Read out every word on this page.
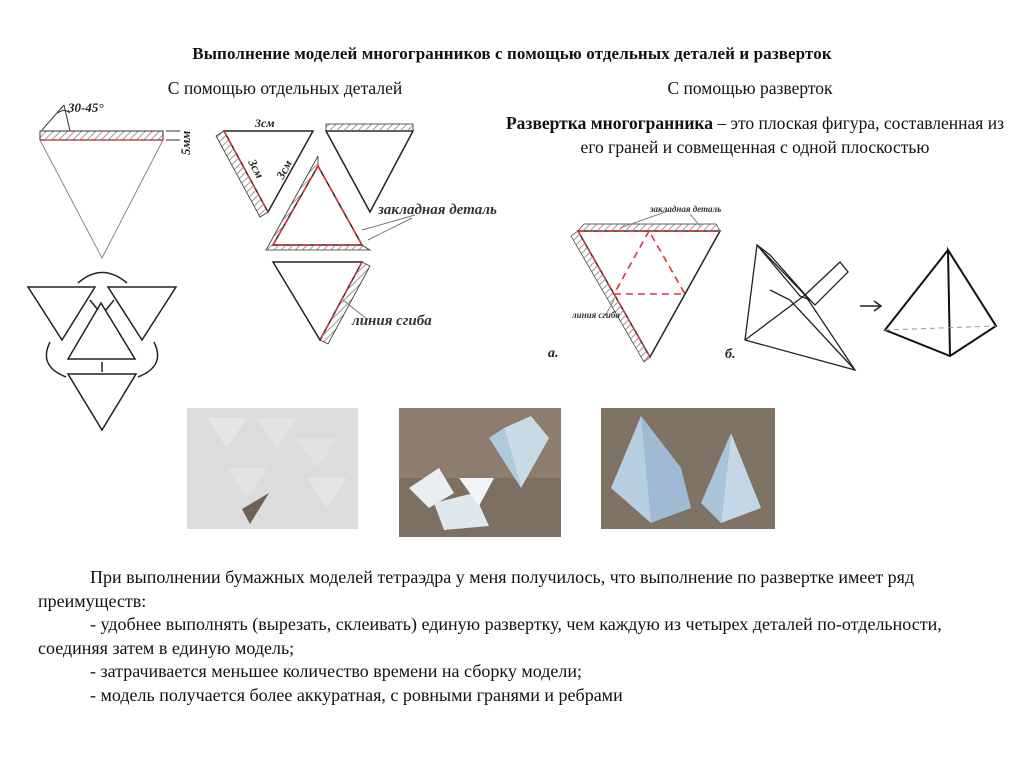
Выполнение моделей многогранников с помощью отдельных деталей и разверток
С помощью отдельных деталей	С помощью разверток
Развертка многогранника – это плоская фигура, составленная из его граней и совмещенная с одной плоскостью
30-45°
5мм
3см
3см 3см
закладная деталь
линия сгиба
закладная деталь
линия сгиба
а.	б.

При выполнении бумажных моделей тетраэдра у меня получилось, что выполнение по развертке имеет ряд преимуществ:

- удобнее выполнять (вырезать, склеивать) единую развертку, чем каждую из четырех деталей по-отдельности, соединяя затем в единую модель;

- затрачивается меньшее количество времени на сборку модели;

- модель получается более аккуратная, с ровными гранями и ребрами
